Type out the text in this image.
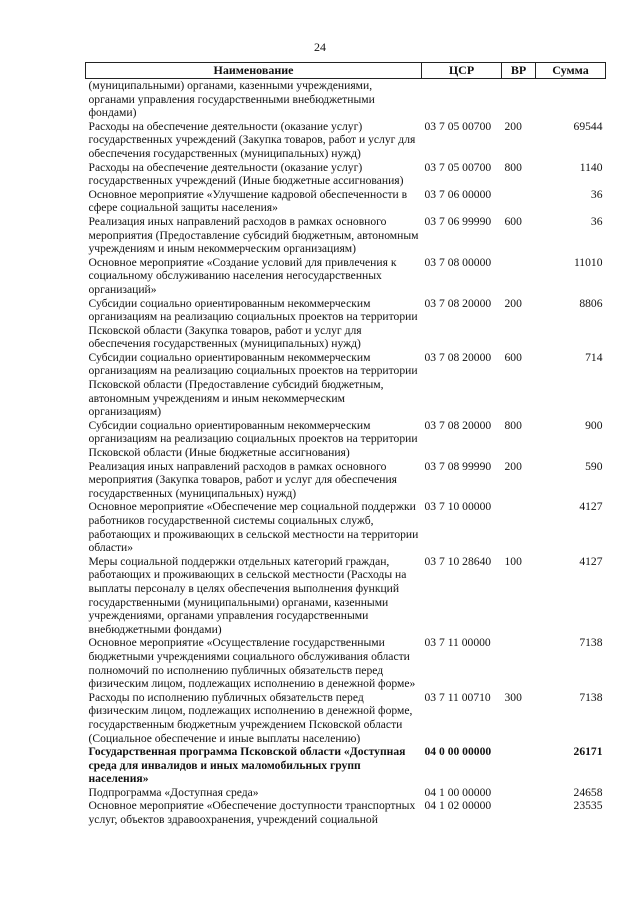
24
Наименование	ЦСР	ВР	Сумма
(муниципальными) органами, казенными учреждениями, органами управления государственными внебюджетными фондами)			
Расходы на обеспечение деятельности (оказание услуг) государственных учреждений (Закупка товаров, работ и услуг для обеспечения государственных (муниципальных) нужд)	03 7 05 00700	200	69544
Расходы на обеспечение деятельности (оказание услуг) государственных учреждений (Иные бюджетные ассигнования)	03 7 05 00700	800	1140
Основное мероприятие «Улучшение кадровой обеспеченности в сфере социальной защиты населения»	03 7 06 00000		36
Реализация иных направлений расходов в рамках основного мероприятия (Предоставление субсидий бюджетным, автономным учреждениям и иным некоммерческим организациям)	03 7 06 99990	600	36
Основное мероприятие «Создание условий для привлечения к социальному обслуживанию населения негосударственных организаций»	03 7 08 00000		11010
Субсидии социально ориентированным некоммерческим организациям на реализацию социальных проектов на территории Псковской области (Закупка товаров, работ и услуг для обеспечения государственных (муниципальных) нужд)	03 7 08 20000	200	8806
Субсидии социально ориентированным некоммерческим организациям на реализацию социальных проектов на территории Псковской области (Предоставление субсидий бюджетным, автономным учреждениям и иным некоммерческим организациям)	03 7 08 20000	600	714
Субсидии социально ориентированным некоммерческим организациям на реализацию социальных проектов на территории Псковской области (Иные бюджетные ассигнования)	03 7 08 20000	800	900
Реализация иных направлений расходов в рамках основного мероприятия (Закупка товаров, работ и услуг для обеспечения государственных (муниципальных) нужд)	03 7 08 99990	200	590
Основное мероприятие «Обеспечение мер социальной поддержки работников государственной системы социальных служб, работающих и проживающих в сельской местности на территории области»	03 7 10 00000		4127
Меры социальной поддержки отдельных категорий граждан, работающих и проживающих в сельской местности (Расходы на выплаты персоналу в целях обеспечения выполнения функций государственными (муниципальными) органами, казенными учреждениями, органами управления государственными внебюджетными фондами)	03 7 10 28640	100	4127
Основное мероприятие «Осуществление государственными бюджетными учреждениями социального обслуживания области полномочий по исполнению публичных обязательств перед физическим лицом, подлежащих исполнению в денежной форме»	03 7 11 00000		7138
Расходы по исполнению публичных обязательств перед физическим лицом, подлежащих исполнению в денежной форме, государственным бюджетным учреждением Псковской области (Социальное обеспечение и иные выплаты населению)	03 7 11 00710	300	7138
Государственная программа Псковской области «Доступная среда для инвалидов и иных маломобильных групп населения»	04 0 00 00000		26171
Подпрограмма «Доступная среда»	04 1 00 00000		24658
Основное мероприятие «Обеспечение доступности транспортных услуг, объектов здравоохранения, учреждений социальной	04 1 02 00000		23535
